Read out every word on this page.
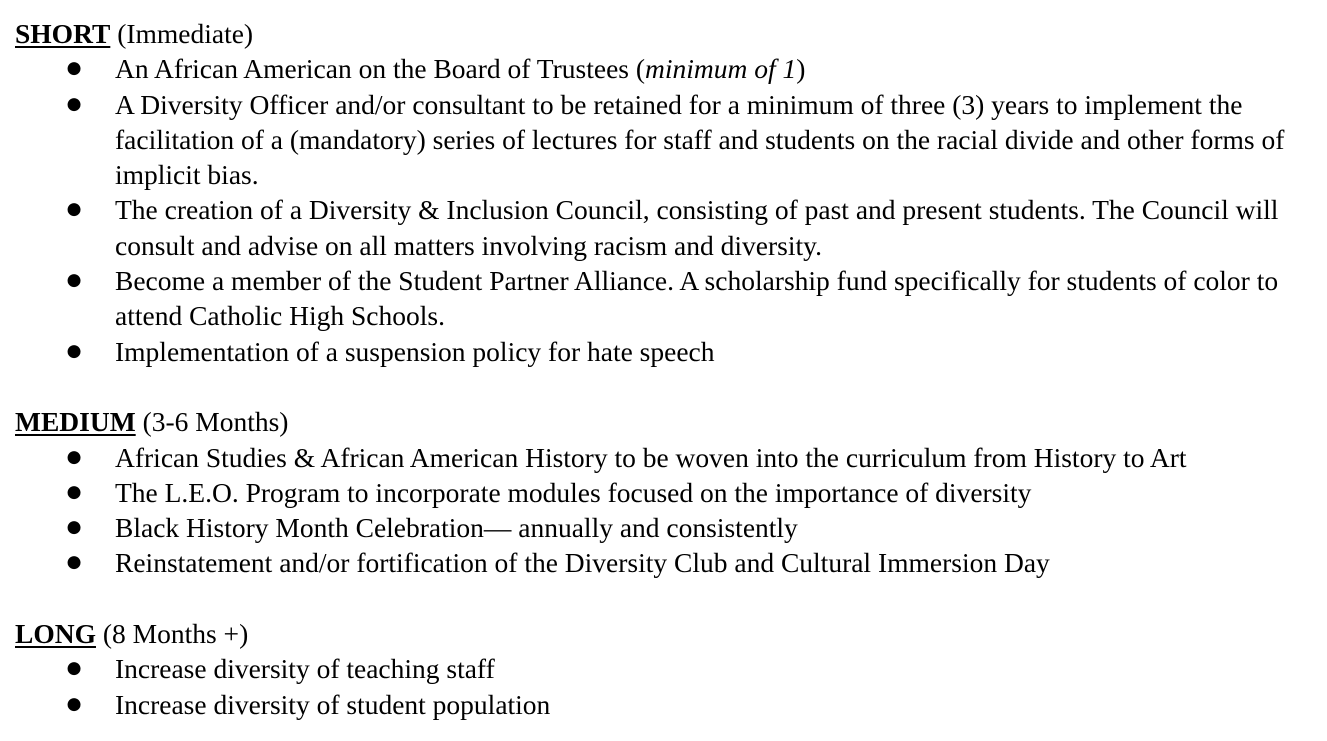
SHORT (Immediate)

● An African American on the Board of Trustees (minimum of 1)
● A Diversity Officer and/or consultant to be retained for a minimum of three (3) years to implement the facilitation of a (mandatory) series of lectures for staff and students on the racial divide and other forms of implicit bias.
● The creation of a Diversity & Inclusion Council, consisting of past and present students. The Council will consult and advise on all matters involving racism and diversity.
● Become a member of the Student Partner Alliance. A scholarship fund specifically for students of color to attend Catholic High Schools.
● Implementation of a suspension policy for hate speech

MEDIUM (3-6 Months)

● African Studies & African American History to be woven into the curriculum from History to Art
● The L.E.O. Program to incorporate modules focused on the importance of diversity
● Black History Month Celebration— annually and consistently
● Reinstatement and/or fortification of the Diversity Club and Cultural Immersion Day

LONG (8 Months +)

● Increase diversity of teaching staff
● Increase diversity of student population
